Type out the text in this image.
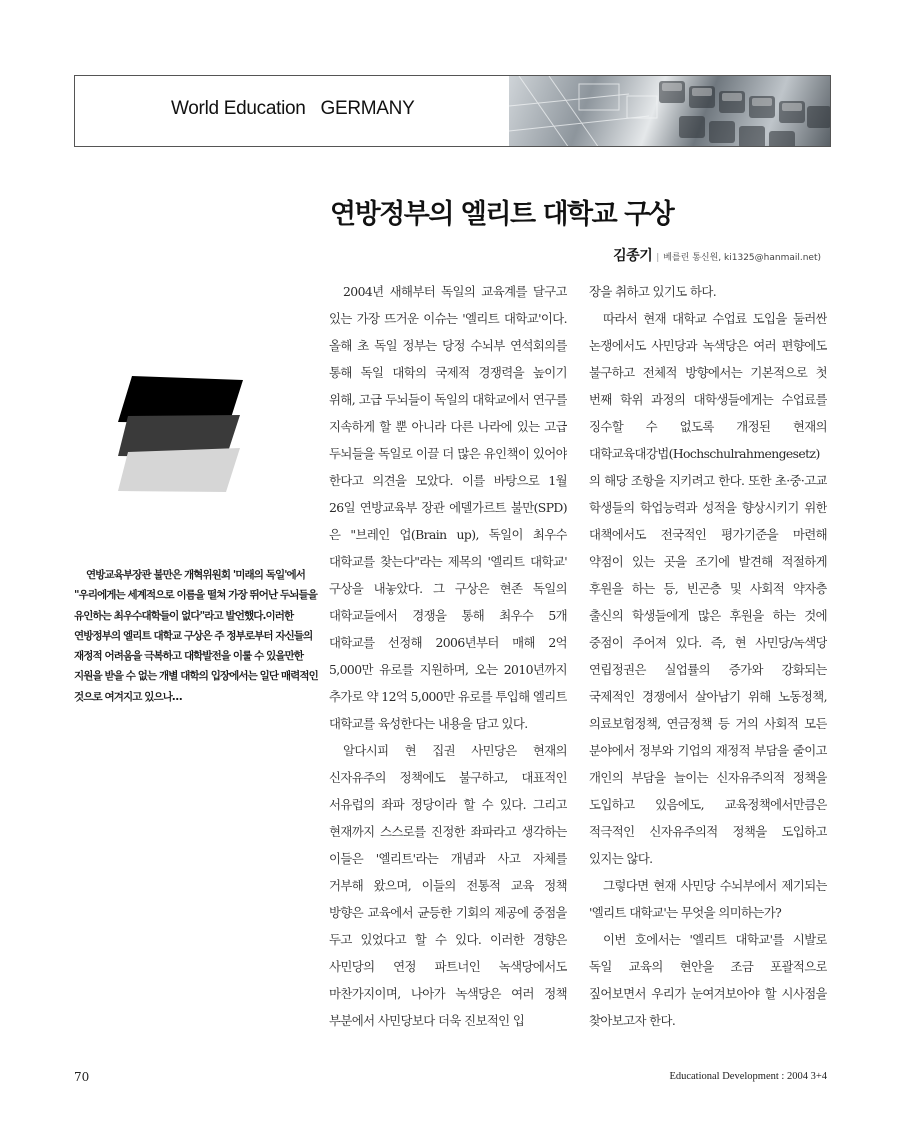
World Education   GERMANY
연방정부의 엘리트 대학교 구상
김종기 | 베를린 통신원, ki1325@hanmail.net)
연방교육부장관 불만은 개혁위원회 '미래의 독일'에서 "우리에게는 세계적으로 이름을 떨쳐 가장 뛰어난 두뇌들을 유인하는 최우수대학들이 없다"라고 발언했다.이러한 연방정부의 엘리트 대학교 구상은 주 정부로부터 자신들의 재정적 어려움을 극복하고 대학발전을 이룰 수 있을만한 지원을 받을 수 없는 개별 대학의 입장에서는 일단 매력적인 것으로 여겨지고 있으나…

2004년 새해부터 독일의 교육계를 달구고 있는 가장 뜨거운 이슈는 '엘리트 대학교'이다. 올해 초 독일 정부는 당정 수뇌부 연석회의를 통해 독일 대학의 국제적 경쟁력을 높이기 위해, 고급 두뇌들이 독일의 대학교에서 연구를 지속하게 할 뿐 아니라 다른 나라에 있는 고급 두뇌들을 독일로 이끌 더 많은 유인책이 있어야 한다고 의견을 모았다. 이를 바탕으로 1월 26일 연방교육부 장관 에델가르트 불만(SPD)은 "브레인 업(Brain up), 독일이 최우수 대학교를 찾는다"라는 제목의 '엘리트 대학교' 구상을 내놓았다. 그 구상은 현존 독일의 대학교들에서 경쟁을 통해 최우수 5개 대학교를 선정해 2006년부터 매해 2억 5,000만 유로를 지원하며, 오는 2010년까지 추가로 약 12억 5,000만 유로를 투입해 엘리트 대학교를 육성한다는 내용을 담고 있다.

알다시피 현 집권 사민당은 현재의 신자유주의 정책에도 불구하고, 대표적인 서유럽의 좌파 정당이라 할 수 있다. 그리고 현재까지 스스로를 진정한 좌파라고 생각하는 이들은 '엘리트'라는 개념과 사고 자체를 거부해 왔으며, 이들의 전통적 교육 정책 방향은 교육에서 균등한 기회의 제공에 중점을 두고 있었다고 할 수 있다. 이러한 경향은 사민당의 연정 파트너인 녹색당에서도 마찬가지이며, 나아가 녹색당은 여러 정책 부분에서 사민당보다 더욱 진보적인 입

장을 취하고 있기도 하다.

따라서 현재 대학교 수업료 도입을 둘러싼 논쟁에서도 사민당과 녹색당은 여러 편향에도 불구하고 전체적 방향에서는 기본적으로 첫 번째 학위 과정의 대학생들에게는 수업료를 징수할 수 없도록 개정된 현재의 대학교육대강법(Hochschulrahmengesetz)의 해당 조항을 지키려고 한다. 또한 초·중·고교 학생들의 학업능력과 성적을 향상시키기 위한 대책에서도 전국적인 평가기준을 마련해 약점이 있는 곳을 조기에 발견해 적절하게 후원을 하는 등, 빈곤층 및 사회적 약자층 출신의 학생들에게 많은 후원을 하는 것에 중점이 주어져 있다. 즉, 현 사민당/녹색당 연립정권은 실업률의 증가와 강화되는 국제적인 경쟁에서 살아남기 위해 노동정책, 의료보험정책, 연금정책 등 거의 사회적 모든 분야에서 정부와 기업의 재정적 부담을 줄이고 개인의 부담을 늘이는 신자유주의적 정책을 도입하고 있음에도, 교육정책에서만큼은 적극적인 신자유주의적 정책을 도입하고 있지는 않다.

그렇다면 현재 사민당 수뇌부에서 제기되는 '엘리트 대학교'는 무엇을 의미하는가?

이번 호에서는 '엘리트 대학교'를 시발로 독일 교육의 현안을 조금 포괄적으로 짚어보면서 우리가 눈여겨보아야 할 시사점을 찾아보고자 한다.

70	Educational Development : 2004 3+4
